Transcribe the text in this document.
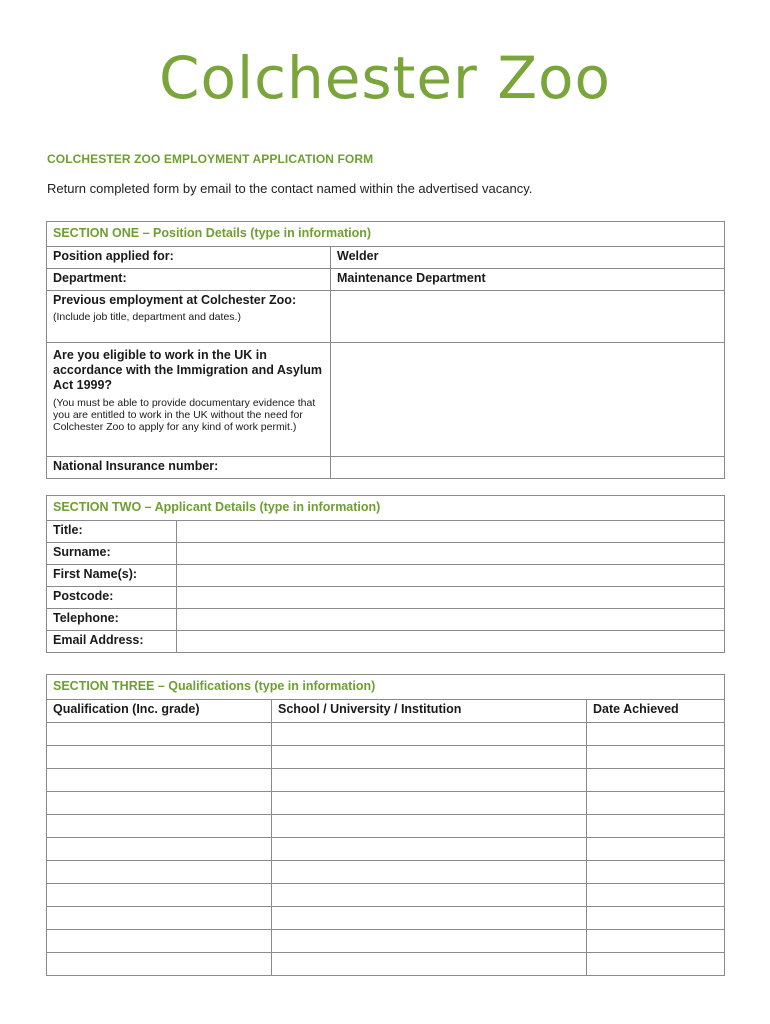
Colchester Zoo
COLCHESTER ZOO EMPLOYMENT APPLICATION FORM
Return completed form by email to the contact named within the advertised vacancy.
SECTION ONE – Position Details (type in information)	
Position applied for:	Welder
Department:	Maintenance Department
Previous employment at Colchester Zoo:
(Include job title, department and dates.)	

Are you eligible to work in the UK in accordance with the Immigration and Asylum Act 1999?
(You must be able to provide documentary evidence that you are entitled to work in the UK without the need for Colchester Zoo to apply for any kind of work permit.)	

National Insurance number:	
SECTION TWO – Applicant Details (type in information)	
Title:	
Surname:	
First Name(s):	
Postcode:	
Telephone:	
Email Address:	
SECTION THREE – Qualifications (type in information)		
Qualification (Inc. grade)	School / University / Institution	Date Achieved
